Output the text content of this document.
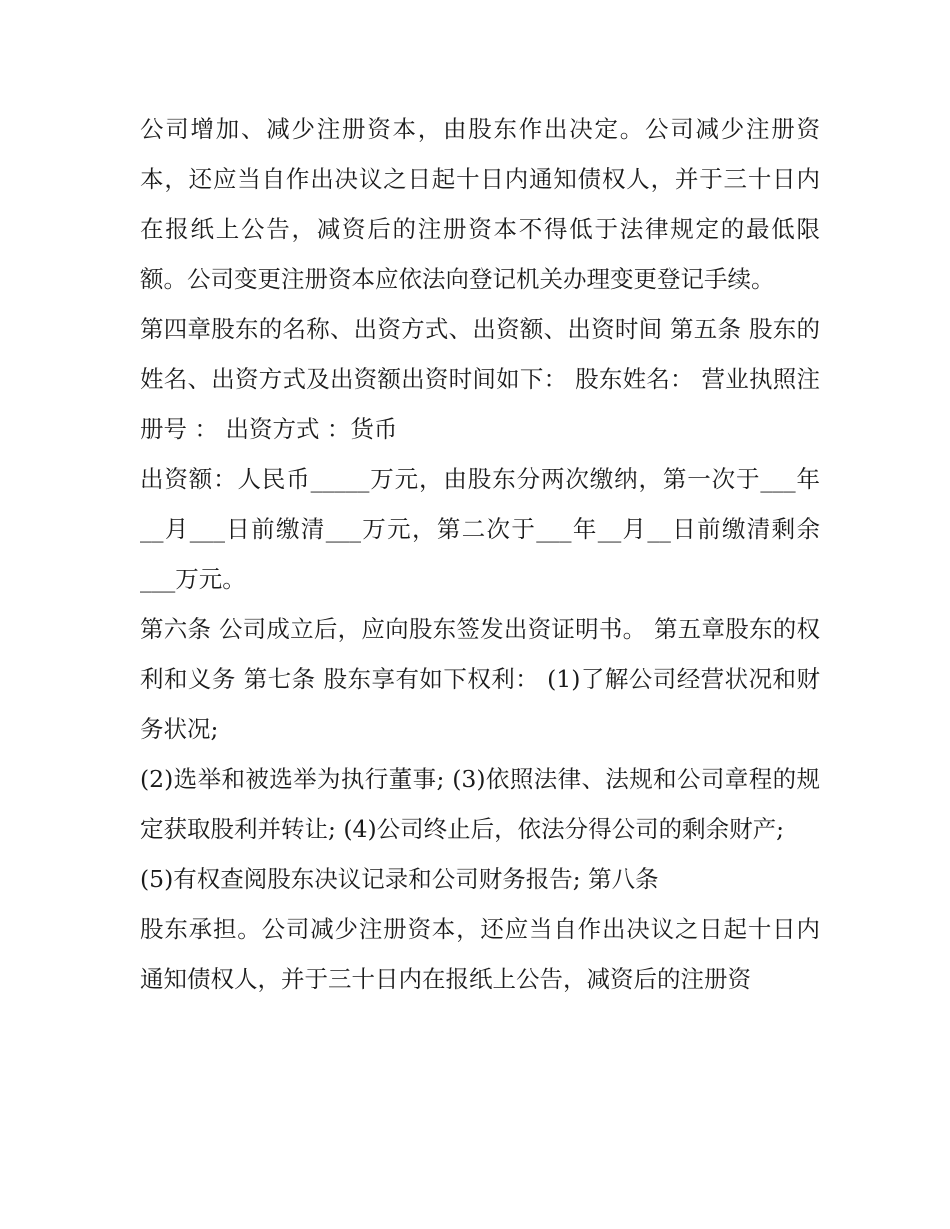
公司增加、减少注册资本，由股东作出决定。公司减少注册资本，还应当自作出决议之日起十日内通知债权人，并于三十日内在报纸上公告，减资后的注册资本不得低于法律规定的最低限额。公司变更注册资本应依法向登记机关办理变更登记手续。

第四章股东的名称、出资方式、出资额、出资时间 第五条 股东的姓名、出资方式及出资额出资时间如下： 股东姓名： 营业执照注册号 ： 出资方式 ：货币

出资额：人民币_____万元，由股东分两次缴纳，第一次于___年__月___日前缴清___万元，第二次于___年__月__日前缴清剩余___万元。

第六条 公司成立后，应向股东签发出资证明书。 第五章股东的权利和义务 第七条 股东享有如下权利： (1)了解公司经营状况和财务状况;

(2)选举和被选举为执行董事; (3)依照法律、法规和公司章程的规定获取股利并转让; (4)公司终止后，依法分得公司的剩余财产;

(5)有权查阅股东决议记录和公司财务报告; 第八条

股东承担。公司减少注册资本，还应当自作出决议之日起十日内通知债权人，并于三十日内在报纸上公告，减资后的注册资
